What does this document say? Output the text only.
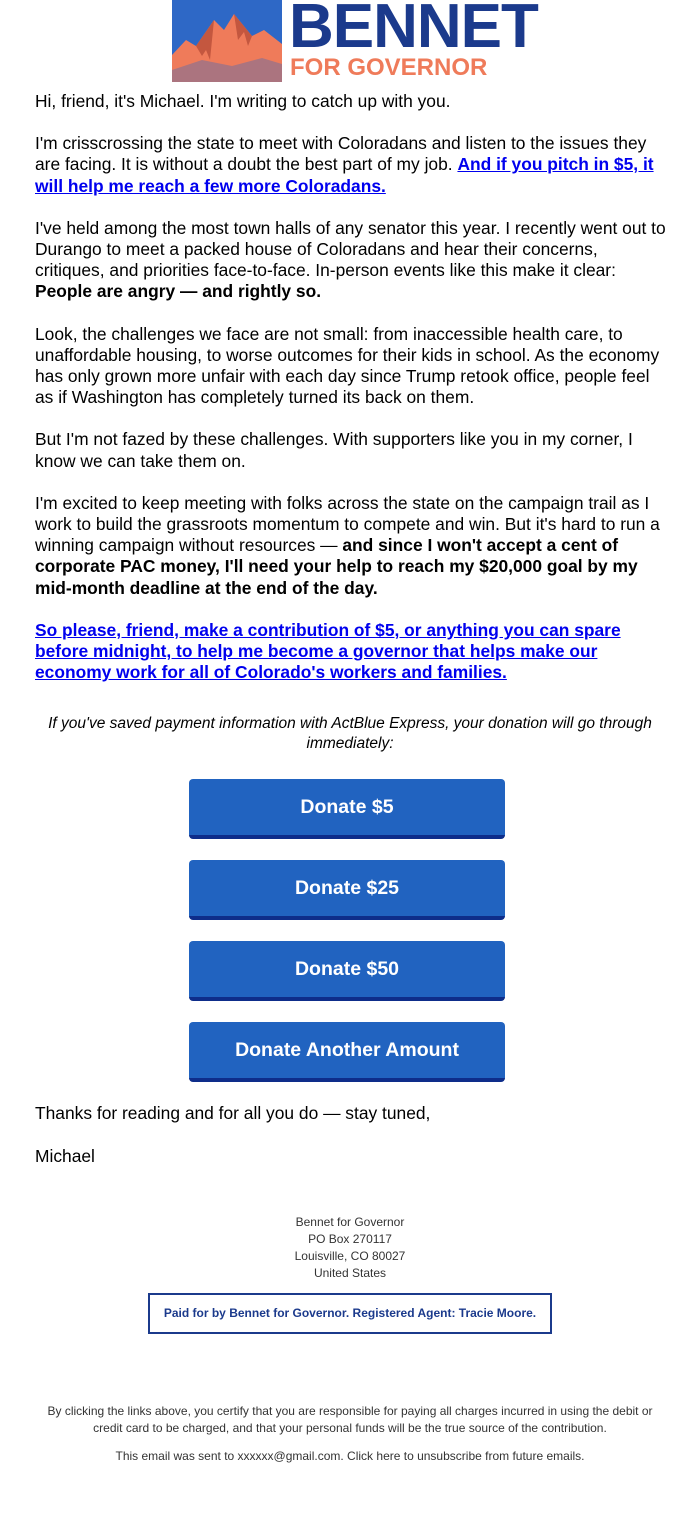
BENNET
FOR GOVERNOR

Hi, friend, it's Michael. I'm writing to catch up with you.

I'm crisscrossing the state to meet with Coloradans and listen to the issues they are facing. It is without a doubt the best part of my job. And if you pitch in $5, it will help me reach a few more Coloradans.

I've held among the most town halls of any senator this year. I recently went out to Durango to meet a packed house of Coloradans and hear their concerns, critiques, and priorities face-to-face. In-person events like this make it clear: People are angry — and rightly so.

Look, the challenges we face are not small: from inaccessible health care, to unaffordable housing, to worse outcomes for their kids in school. As the economy has only grown more unfair with each day since Trump retook office, people feel as if Washington has completely turned its back on them.

But I'm not fazed by these challenges. With supporters like you in my corner, I know we can take them on.

I'm excited to keep meeting with folks across the state on the campaign trail as I work to build the grassroots momentum to compete and win. But it's hard to run a winning campaign without resources — and since I won't accept a cent of corporate PAC money, I'll need your help to reach my $20,000 goal by my mid-month deadline at the end of the day.

So please, friend, make a contribution of $5, or anything you can spare before midnight, to help me become a governor that helps make our economy work for all of Colorado's workers and families.

If you've saved payment information with ActBlue Express, your donation will go through immediately:
Donate $5
Donate $25
Donate $50
Donate Another Amount
Thanks for reading and for all you do — stay tuned,
Michael
Bennet for Governor
PO Box 270117
Louisville, CO 80027
United States
Paid for by Bennet for Governor. Registered Agent: Tracie Moore.
By clicking the links above, you certify that you are responsible for paying all charges incurred in using the debit or credit card to be charged, and that your personal funds will be the true source of the contribution.
This email was sent to xxxxxx@gmail.com. Click here to unsubscribe from future emails.
